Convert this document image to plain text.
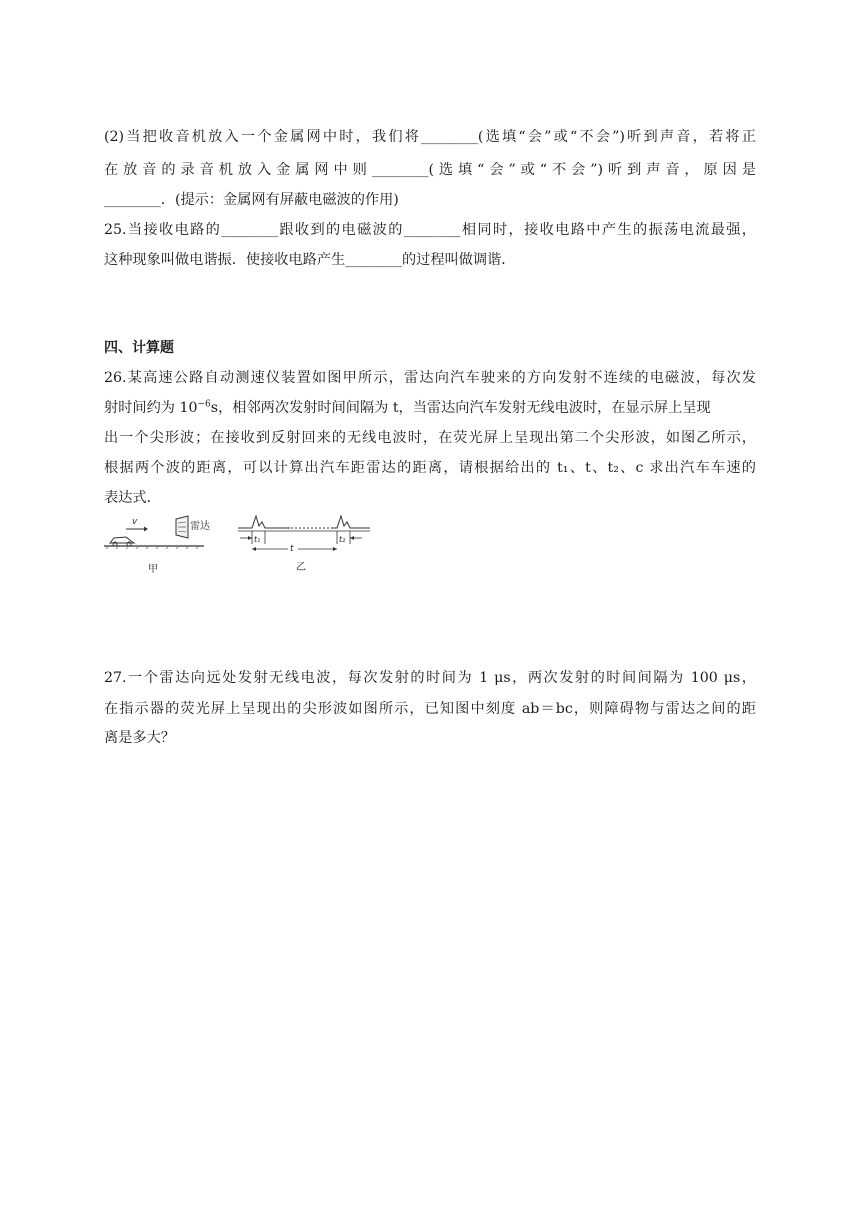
(2)当把收音机放入一个金属网中时，我们将________(选填“会”或“不会”)听到声音，若将正
在放音的录音机放入金属网中则________(选填“会”或“不会”)听到声音，原因是
________．(提示：金属网有屏蔽电磁波的作用)
25.当接收电路的________跟收到的电磁波的________相同时，接收电路中产生的振荡电流最强，
这种现象叫做电谐振．使接收电路产生________的过程叫做调谐．
四、计算题
26.某高速公路自动测速仪装置如图甲所示，雷达向汽车驶来的方向发射不连续的电磁波，每次发
射时间约为 $10^{-6}s$，相邻两次发射时间间隔为 t，当雷达向汽车发射无线电波时，在显示屏上呈现
出一个尖形波；在接收到反射回来的无线电波时，在荧光屏上呈现出第二个尖形波，如图乙所示，
根据两个波的距离，可以计算出汽车距雷达的距离，请根据给出的 t₁、t、t₂、c 求出汽车车速的
表达式．
v	雷达
甲
t₁	t₂
t
乙
27.一个雷达向远处发射无线电波，每次发射的时间为 1 μs，两次发射的时间间隔为 100 μs，
在指示器的荧光屏上呈现出的尖形波如图所示，已知图中刻度 ab＝bc，则障碍物与雷达之间的距
离是多大？
